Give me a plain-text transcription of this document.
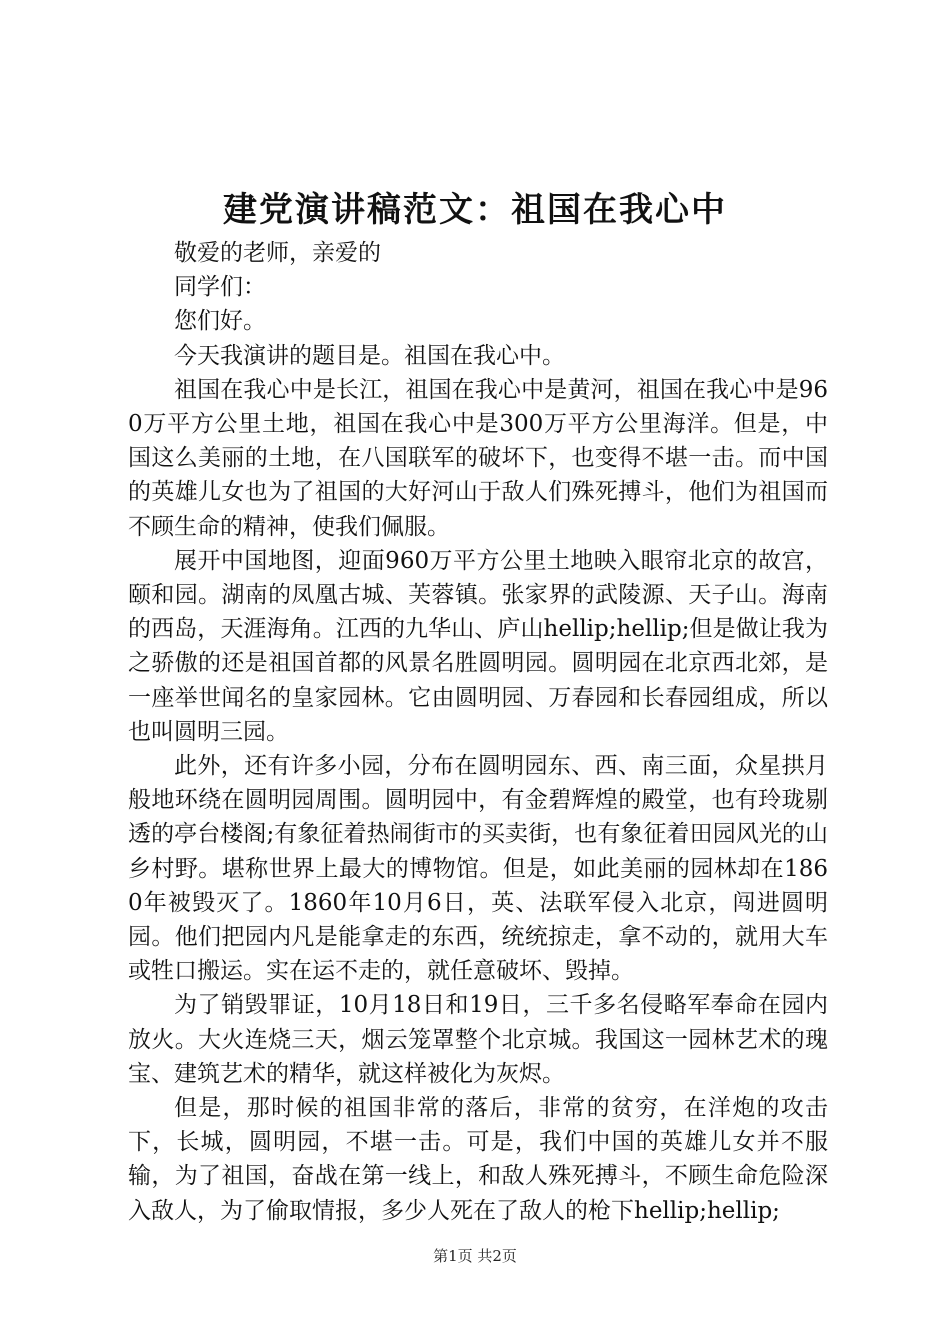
建党演讲稿范文：祖国在我心中

敬爱的老师，亲爱的

同学们：

您们好。

今天我演讲的题目是。祖国在我心中。

祖国在我心中是长江，祖国在我心中是黄河，祖国在我心中是960万平方公里土地，祖国在我心中是300万平方公里海洋。但是，中国这么美丽的土地，在八国联军的破坏下，也变得不堪一击。而中国的英雄儿女也为了祖国的大好河山于敌人们殊死搏斗，他们为祖国而不顾生命的精神，使我们佩服。

展开中国地图，迎面960万平方公里土地映入眼帘北京的故宫，颐和园。湖南的凤凰古城、芙蓉镇。张家界的武陵源、天子山。海南的西岛，天涯海角。江西的九华山、庐山hellip;hellip;但是做让我为之骄傲的还是祖国首都的风景名胜圆明园。圆明园在北京西北郊，是一座举世闻名的皇家园林。它由圆明园、万春园和长春园组成，所以也叫圆明三园。

此外，还有许多小园，分布在圆明园东、西、南三面，众星拱月般地环绕在圆明园周围。圆明园中，有金碧辉煌的殿堂，也有玲珑剔透的亭台楼阁;有象征着热闹街市的买卖街，也有象征着田园风光的山乡村野。堪称世界上最大的博物馆。但是，如此美丽的园林却在1860年被毁灭了。1860年10月6日，英、法联军侵入北京，闯进圆明园。他们把园内凡是能拿走的东西，统统掠走，拿不动的，就用大车或牲口搬运。实在运不走的，就任意破坏、毁掉。

为了销毁罪证，10月18日和19日，三千多名侵略军奉命在园内放火。大火连烧三天，烟云笼罩整个北京城。我国这一园林艺术的瑰宝、建筑艺术的精华，就这样被化为灰烬。

但是，那时候的祖国非常的落后，非常的贫穷，在洋炮的攻击下，长城，圆明园，不堪一击。可是，我们中国的英雄儿女并不服输，为了祖国，奋战在第一线上，和敌人殊死搏斗，不顾生命危险深入敌人，为了偷取情报，多少人死在了敌人的枪下hellip;hellip;

第1页 共2页
